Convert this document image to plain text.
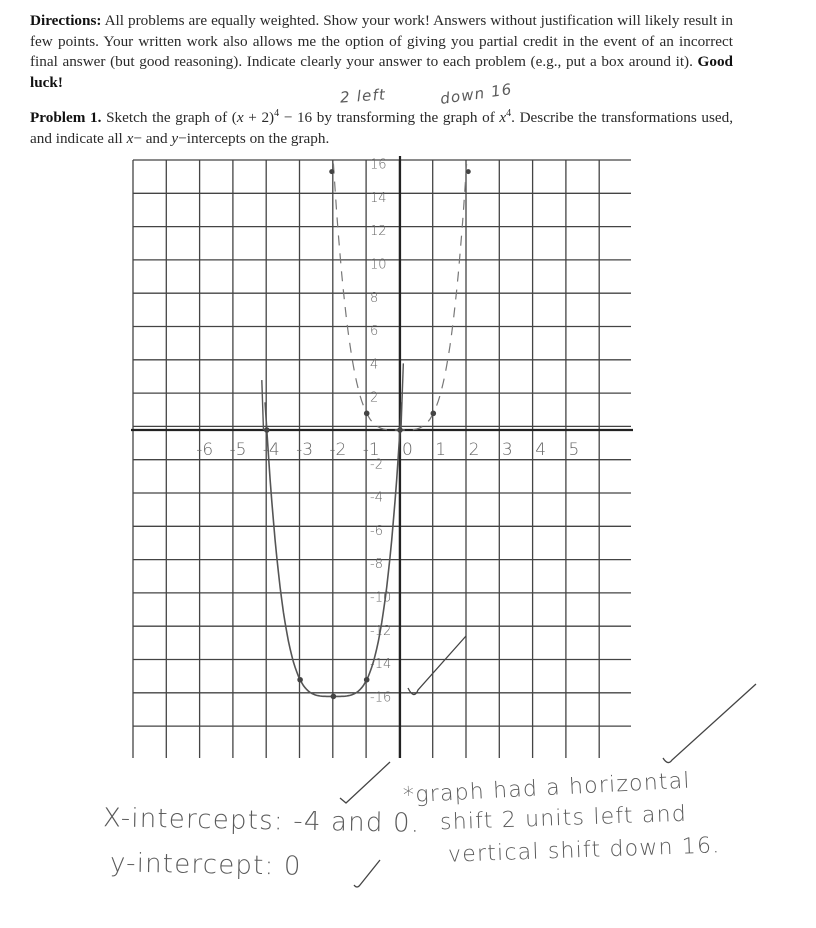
Directions: All problems are equally weighted. Show your work! Answers without justification will likely result in few points. Your written work also allows me the option of giving you partial credit in the event of an incorrect final answer (but good reasoning). Indicate clearly your answer to each problem (e.g., put a box around it). Good luck!
Problem 1. Sketch the graph of $(x + 2)^4 - 16$ by transforming the graph of $x^4$. Describe the transformations used, and indicate all x− and y−intercepts on the graph.
-6 -5 -4 -3 -2 -1 0 1 2 3 4 5
16
14
12
10
8
6
4
2
-2
-4
-6
-8
-10
-12
-14
-16
2 left	down 16
X-intercepts: -4 and 0.
y-intercept: 0
*graph had a horizontal
shift 2 units left and
vertical shift down 16.
